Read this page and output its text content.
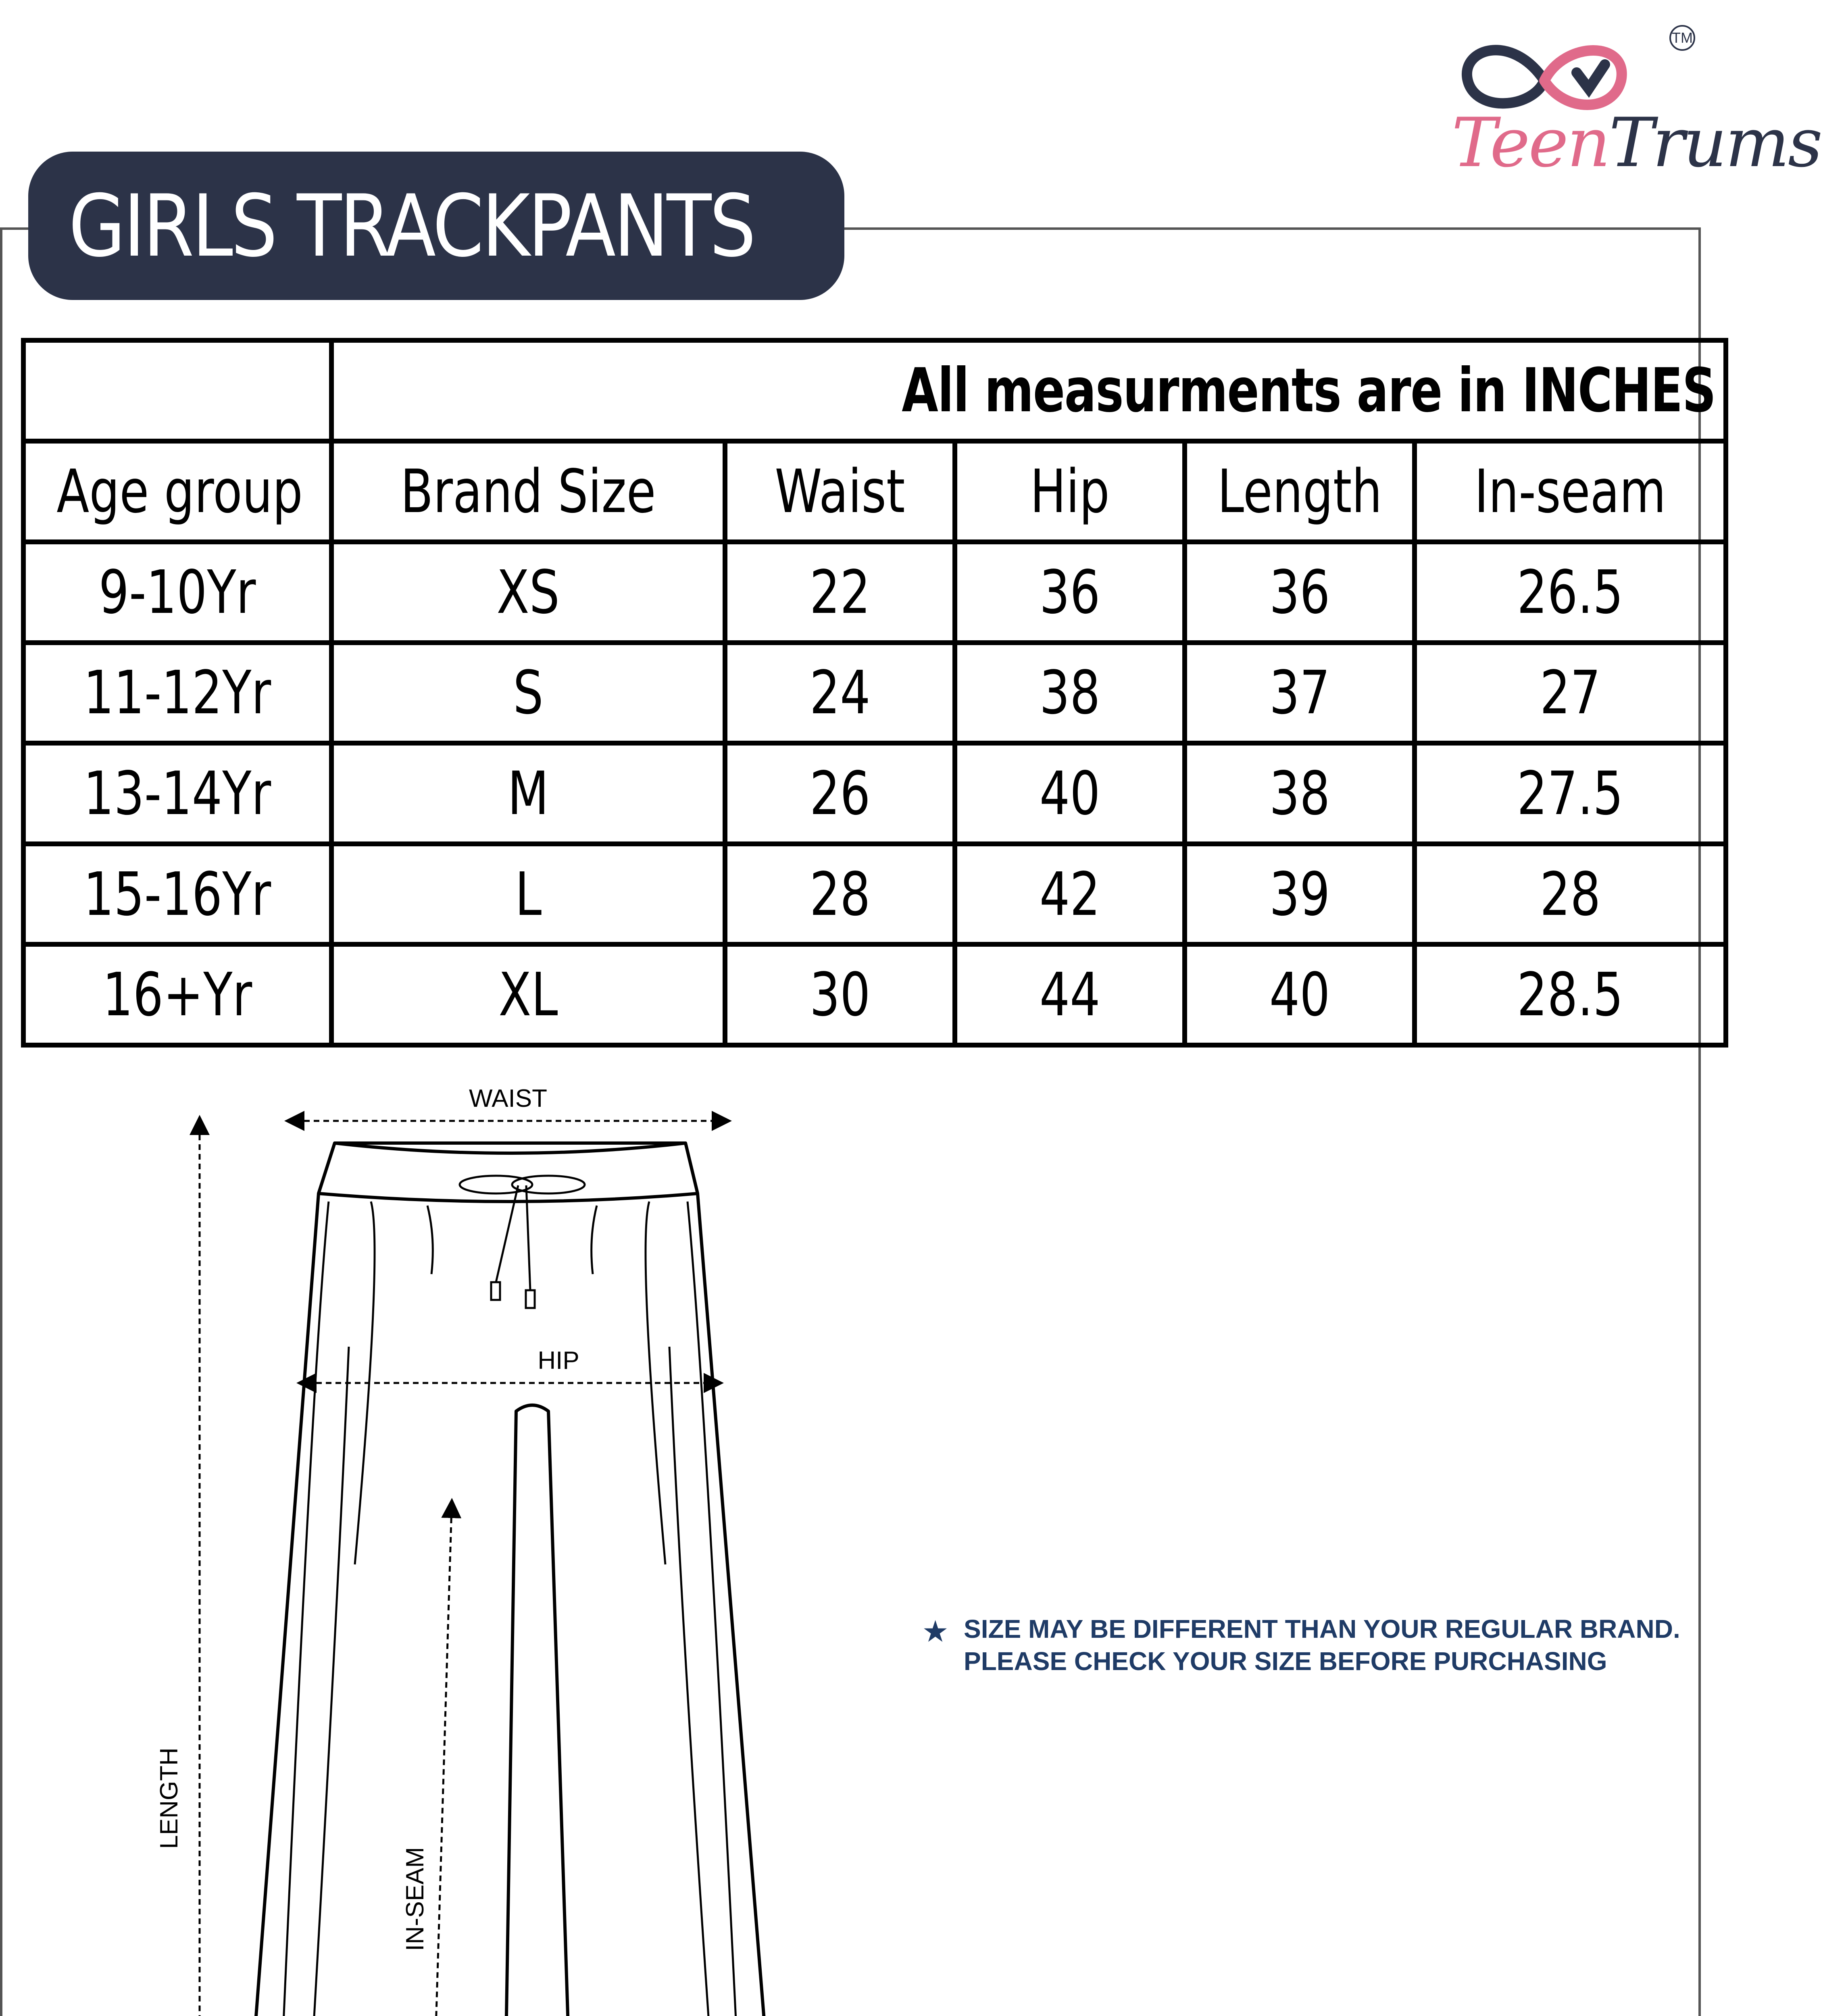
GIRLS TRACKPANTS
TM
TeenTrums
	All measurments are in INCHES				
Age group	Brand Size	Waist	Hip	Length	In-seam
9-10Yr	XS	22	36	36	26.5
11-12Yr	S	24	38	37	27
13-14Yr	M	26	40	38	27.5
15-16Yr	L	28	42	39	28
16+Yr	XL	30	44	40	28.5
WAIST
HIP
LENGTH
IN-SEAM
★ SIZE MAY BE DIFFERENT THAN YOUR REGULAR BRAND. PLEASE CHECK YOUR SIZE BEFORE PURCHASING
